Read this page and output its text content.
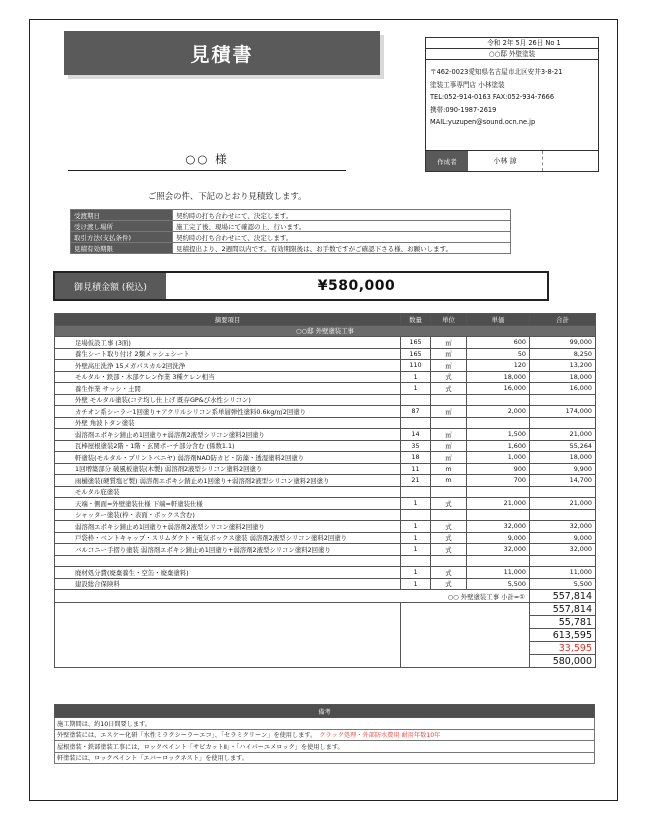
見積書
令和 2年 5月 26日 No 1
○○邸 外壁塗装
〒462-0023愛知県名古屋市北区安井3-8-21
塗装工事専門店 小林塗装
TEL:052-914-0163 FAX:052-934-7666
携帯:090-1987-2619
MAIL:yuzupen@sound.ocn.ne.jp
作成者	小林 諒
○○ 様
ご照会の件、下記のとおり見積致します。
受渡期日	契約時の打ち合わせにて、決定します。
受け渡し場所	施工完了後、現場にて確認の上、行います。
取引方法(支払条件)	契約時の打ち合わせにて、決定します。
見積有効期限	見積提出より、2週間以内です。有効期限後は、お手数ですがご確認下さる様、お願いします。
御見積金額 (税込)	¥580,000
摘要項目	数量	単位	単価	合計
○○邸 外壁塗装工事				
足場仮設工事 (3面)	165	㎡	600	99,000
養生シート取り付け 2類メッシュシート	165	㎡	50	8,250
外壁高圧洗浄 15メガパスカル2回洗浄	110	㎡	120	13,200
モルタル・鉄部・木部ケレン作業 3種ケレン相当	1	式	18,000	18,000
養生作業 サッシ・土間	1	式	16,000	16,000
外壁 モルタル塗装(コテ均し仕上げ 既存GP&び水性シリコン)				
カチオン系シーラー1回塗り+アクリルシリコン系単層弾性塗料0.6kg/㎡2回塗り	87	㎡	2,000	174,000
外壁 角波トタン塗装				
弱溶剤エポキシ錆止め1回塗り+弱溶剤2液型シリコン塗料2回塗り	14	㎡	1,500	21,000
瓦棒屋根塗装2階・1階・玄関ポーチ部分含む (係数1.1)	35	㎡	1,600	55,264
軒塗装(モルタル・プリントベニヤ) 弱溶剤NAD防カビ・防藻・透湿塗料2回塗り	18	㎡	1,000	18,000
1回増築部分 破風板塗装(木製) 弱溶剤2液型シリコン塗料2回塗り	11	m	900	9,900
雨樋塗装(硬質塩ビ製) 弱溶剤エポキシ錆止め1回塗り+弱溶剤2液型シリコン塗料2回塗り	21	m	700	14,700
モルタル庇塗装				
天端・側面=外壁塗装仕様 下端=軒塗装仕様	1	式	21,000	21,000
シャッター塗装(枠・表面・ボックス含む)				
弱溶剤エポキシ錆止め1回塗り+弱溶剤2液型シリコン塗料2回塗り	1	式	32,000	32,000
戸袋枠・ベントキャップ・スリムダクト・電気ボックス塗装 弱溶剤2液型シリコン塗料2回塗り	1	式	9,000	9,000
バルコニー手摺り塗装 弱溶剤エポキシ錆止め1回塗り+弱溶剤2液型シリコン塗料2回塗り	1	式	32,000	32,000

廃材処分費(廃棄養生・空缶・廃棄塗料)	1	式	11,000	11,000
建設総合保険料	1	式	5,500	5,500
○○ 外壁塗装工事 小計=①				557,814
				557,814
				55,781
				613,595
				33,595
				580,000
備考
施工期間は、約10日間要します。
外壁塗装には、エスケー化研「水性ミラクシーラーエコ」、「セラミクリーン」を使用します。 クラック処理・外部防水費用 耐用年数10年
屋根塗装・鉄部塗装工事には、ロックペイント「サビカットⅡ」・「ハイパーユメロック」を使用します。
軒塗装には、ロックペイント「エバーロックネスト」を使用します。
